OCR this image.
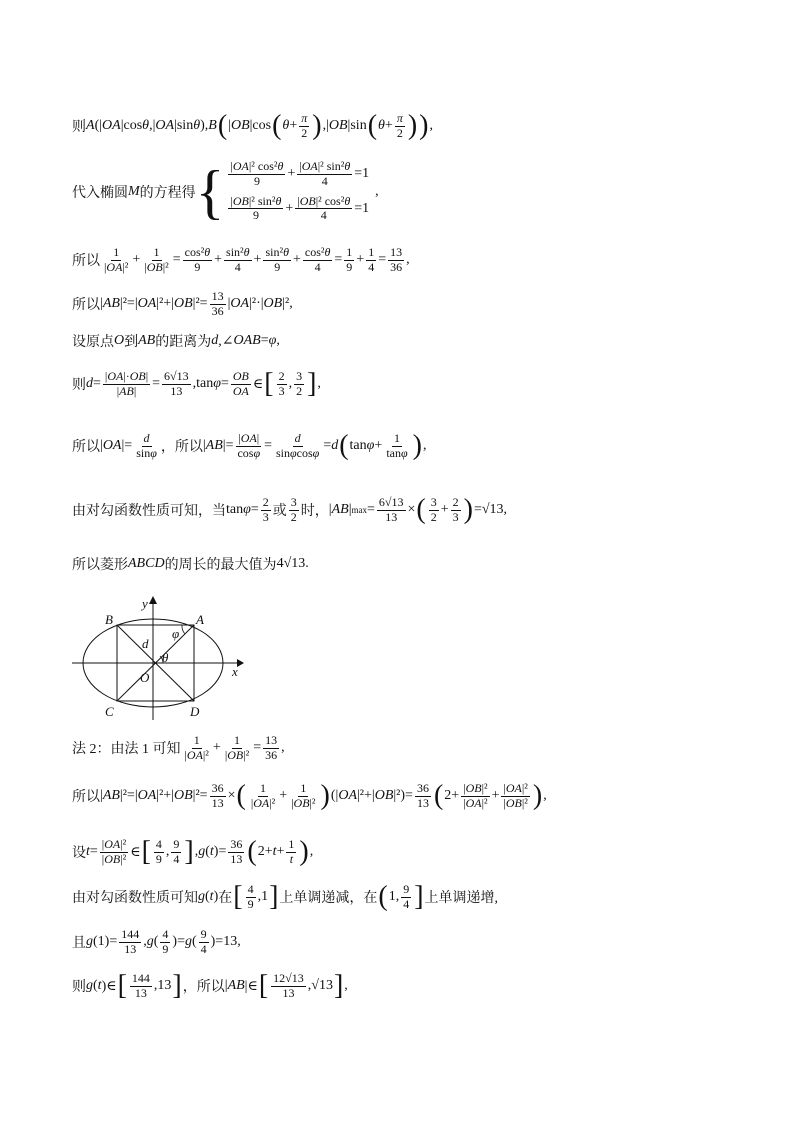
则 A (| OA |cos θ ,| OA |sin θ ), B ( | OB |cos ( $\theta + \frac{\pi}{2}$ ) ,| OB |sin ( $\theta + \frac{\pi}{2}$ ) ) ,
代入椭圆 M 的方程得 { $\frac{\text{|OA|² cos²θ}}{9} + \frac{\text{|OA|² sin²θ}}{4} =1$
$\frac{\text{|OB|² sin²θ}}{9} + \frac{\text{|OB|² cos²θ}}{4} =1$
,
所以 $\frac{1}{\text{|OA|²}} + \frac{1}{\text{|OB|²}} = \frac{\text{cos²θ}}{9} + \frac{\text{sin²θ}}{4} + \frac{\text{sin²θ}}{9} + \frac{\text{cos²θ}}{4} = \frac{1}{9} + \frac{1}{4} = \frac{13}{36}$ ,
所以 | AB |²=| OA |²+| OB $|^2= \frac{13}{36}$ | OA |²·| OB |²,
设原点 O 到 AB 的距离为 d ,∠ OAB = φ ,
则 $d = \frac{|OA|\cdot OB|}{|AB|} = \frac{6√13}{13} ,\tan$ $\varphi = \frac{OB}{OA}$ ∈ [ $\frac{2}{3}$ , $\frac{3}{2}$ ] ,
所以 | OA |= $\frac{d}{\sin\varphi}$ ， 所以 | AB |= $\frac{|OA|}{\cos\varphi} = \frac{d}{\sin\varphi\cos\varphi} = d$ ( $\tan \varphi + \frac{1}{\tan\varphi}$ ) ,
由对勾函数性质可知，当 $\tan \varphi = \frac{2}{3}$ 或 $\frac{3}{2}$ 时， | AB | $\max = \frac{6√13}{13}$ × ( $\frac{3}{2} + \frac{2}{3}$ ) =√13,
所以菱形 ABCD 的周长的最大值为 4√13.
B	A
C	D
O	x
y
d
φ
θ
法 2：由法 1 可知 $\frac{1}{\text{|OA|²}} + \frac{1}{\text{|OB|²}} = \frac{13}{36}$ ,
所以 | AB |²=| OA |²+| OB $|^2= \frac{36}{13}$ × ( $\frac{1}{\text{|OA|²}} + \frac{1}{\text{|OB|²}}$ ) (| OA |²+| OB $|^2)= \frac{36}{13}$ ( $2+ \frac{\text{|OB|²}}{\text{|OA|²}} + \frac{\text{|OA|²}}{\text{|OB|²}}$ ) ,
设 $t = \frac{\text{|OA|²}}{\text{|OB|²}}$ ∈ [ $\frac{4}{9}$ , $\frac{9}{4}$ ] , g ( t )= $\frac{36}{13}$ ( $2+ t + \frac{1}{t}$ ) ,
由对勾函数性质可知 g ( t ) 在 [ $\frac{4}{9} ,1$ ] 上单调递减，在 ( 1, $\frac{9}{4}$ ] 上单调递增,
且 g $(1)= \frac{144}{13}$ , g ( $\frac{4}{9}$ )= g ( $\frac{9}{4} )=13$,
则 g ( t )∈ [ $\frac{144}{13} ,13$ ] ， 所以 | AB |∈ [ $\frac{12√13}{13} ,√13$ ] ,
